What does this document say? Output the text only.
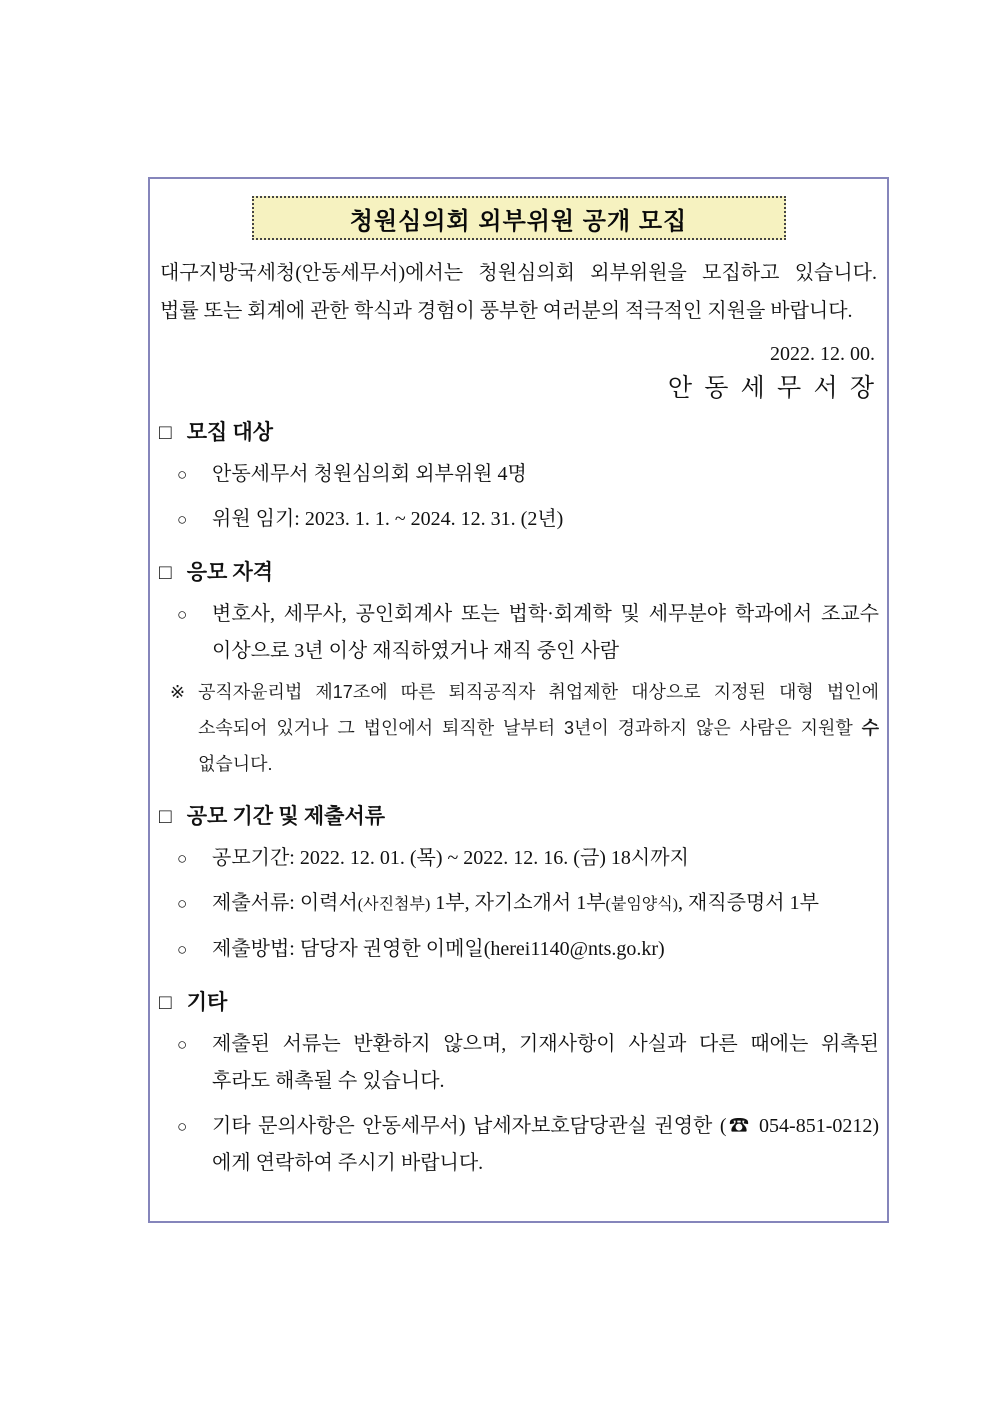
청원심의회 외부위원 공개 모집

대구지방국세청(안동세무서)에서는 청원심의회 외부위원을 모집하고 있습니다. 법률 또는 회계에 관한 학식과 경험이 풍부한 여러분의 적극적인 지원을 바랍니다.

2022. 12. 00.
안 동 세 무 서 장
□ 모집 대상
○	안동세무서 청원심의회 외부위원 4명
○	위원 임기: 2023. 1. 1. ~ 2024. 12. 31. (2년)
□ 응모 자격
○	변호사, 세무사, 공인회계사 또는 법학·회계학 및 세무분야 학과에서 조교수 이상으로 3년 이상 재직하였거나 재직 중인 사람
※ 공직자윤리법 제17조에 따른 퇴직공직자 취업제한 대상으로 지정된 대형 법인에 소속되어 있거나 그 법인에서 퇴직한 날부터 3년이 경과하지 않은 사람은 지원할 수 없습니다.
□ 공모 기간 및 제출서류
○	공모기간: 2022. 12. 01. (목) ~ 2022. 12. 16. (금) 18시까지
○	제출서류: 이력서(사진첨부) 1부, 자기소개서 1부(붙임양식), 재직증명서 1부
○	제출방법: 담당자 권영한 이메일(herei1140@nts.go.kr)
□ 기타
○	제출된 서류는 반환하지 않으며, 기재사항이 사실과 다른 때에는 위촉된 후라도 해촉될 수 있습니다.
○	기타 문의사항은 안동세무서) 납세자보호담당관실 권영한 (☎ 054-851-0212)에게 연락하여 주시기 바랍니다.
